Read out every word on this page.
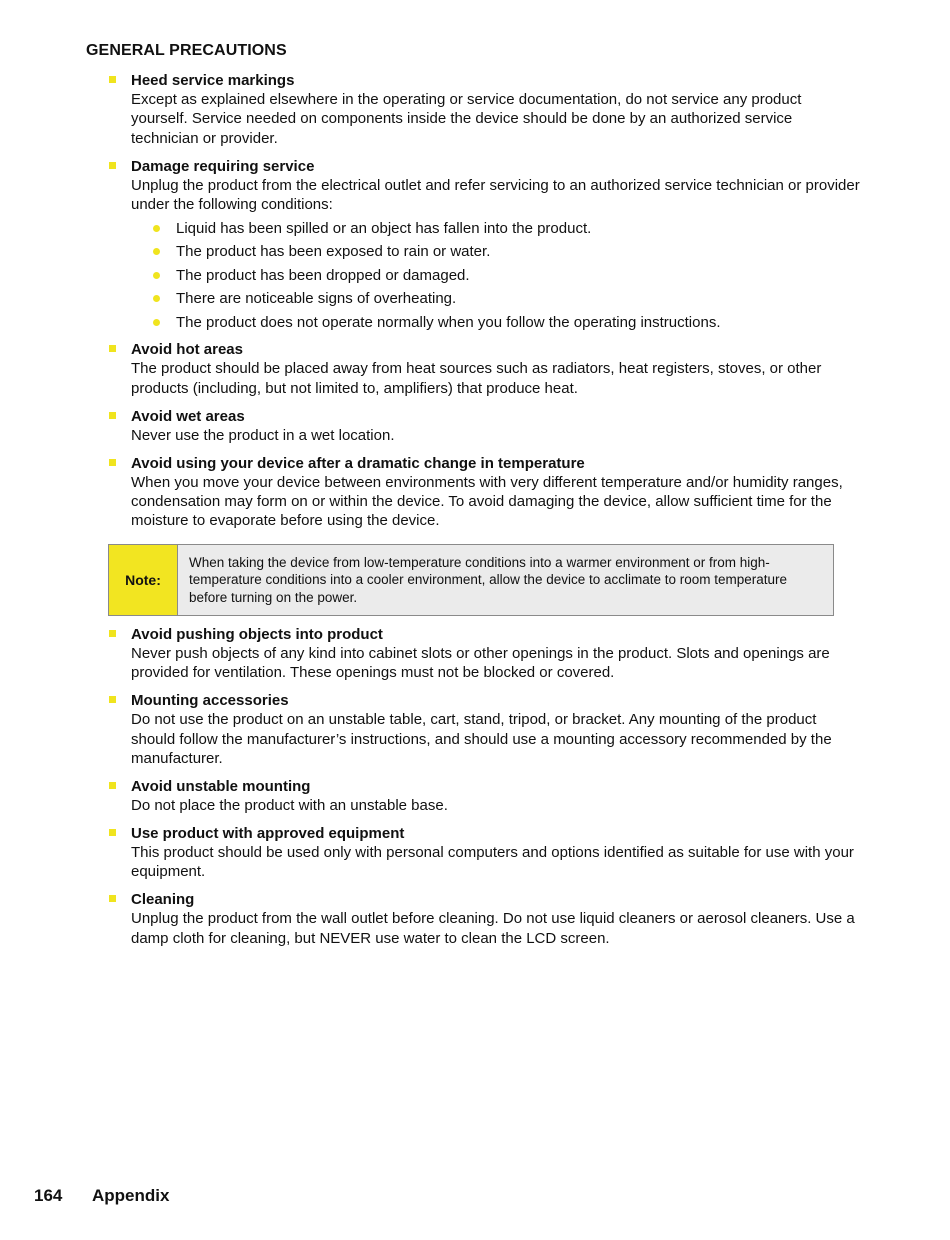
GENERAL PRECAUTIONS
Heed service markings
Except as explained elsewhere in the operating or service documentation, do not service any product yourself. Service needed on components inside the device should be done by an authorized service technician or provider.
Damage requiring service
Unplug the product from the electrical outlet and refer servicing to an authorized service technician or provider under the following conditions:
Liquid has been spilled or an object has fallen into the product.
The product has been exposed to rain or water.
The product has been dropped or damaged.
There are noticeable signs of overheating.
The product does not operate normally when you follow the operating instructions.
Avoid hot areas
The product should be placed away from heat sources such as radiators, heat registers, stoves, or other products (including, but not limited to, amplifiers) that produce heat.
Avoid wet areas
Never use the product in a wet location.
Avoid using your device after a dramatic change in temperature
When you move your device between environments with very different temperature and/or humidity ranges, condensation may form on or within the device. To avoid damaging the device, allow sufficient time for the moisture to evaporate before using the device.
Note:
When taking the device from low-temperature conditions into a warmer environment or from high-temperature conditions into a cooler environment, allow the device to acclimate to room temperature before turning on the power.
Avoid pushing objects into product
Never push objects of any kind into cabinet slots or other openings in the product. Slots and openings are provided for ventilation. These openings must not be blocked or covered.
Mounting accessories
Do not use the product on an unstable table, cart, stand, tripod, or bracket. Any mounting of the product should follow the manufacturer’s instructions, and should use a mounting accessory recommended by the manufacturer.
Avoid unstable mounting
Do not place the product with an unstable base.
Use product with approved equipment
This product should be used only with personal computers and options identified as suitable for use with your equipment.
Cleaning
Unplug the product from the wall outlet before cleaning. Do not use liquid cleaners or aerosol cleaners. Use a damp cloth for cleaning, but NEVER use water to clean the LCD screen.
164 Appendix
